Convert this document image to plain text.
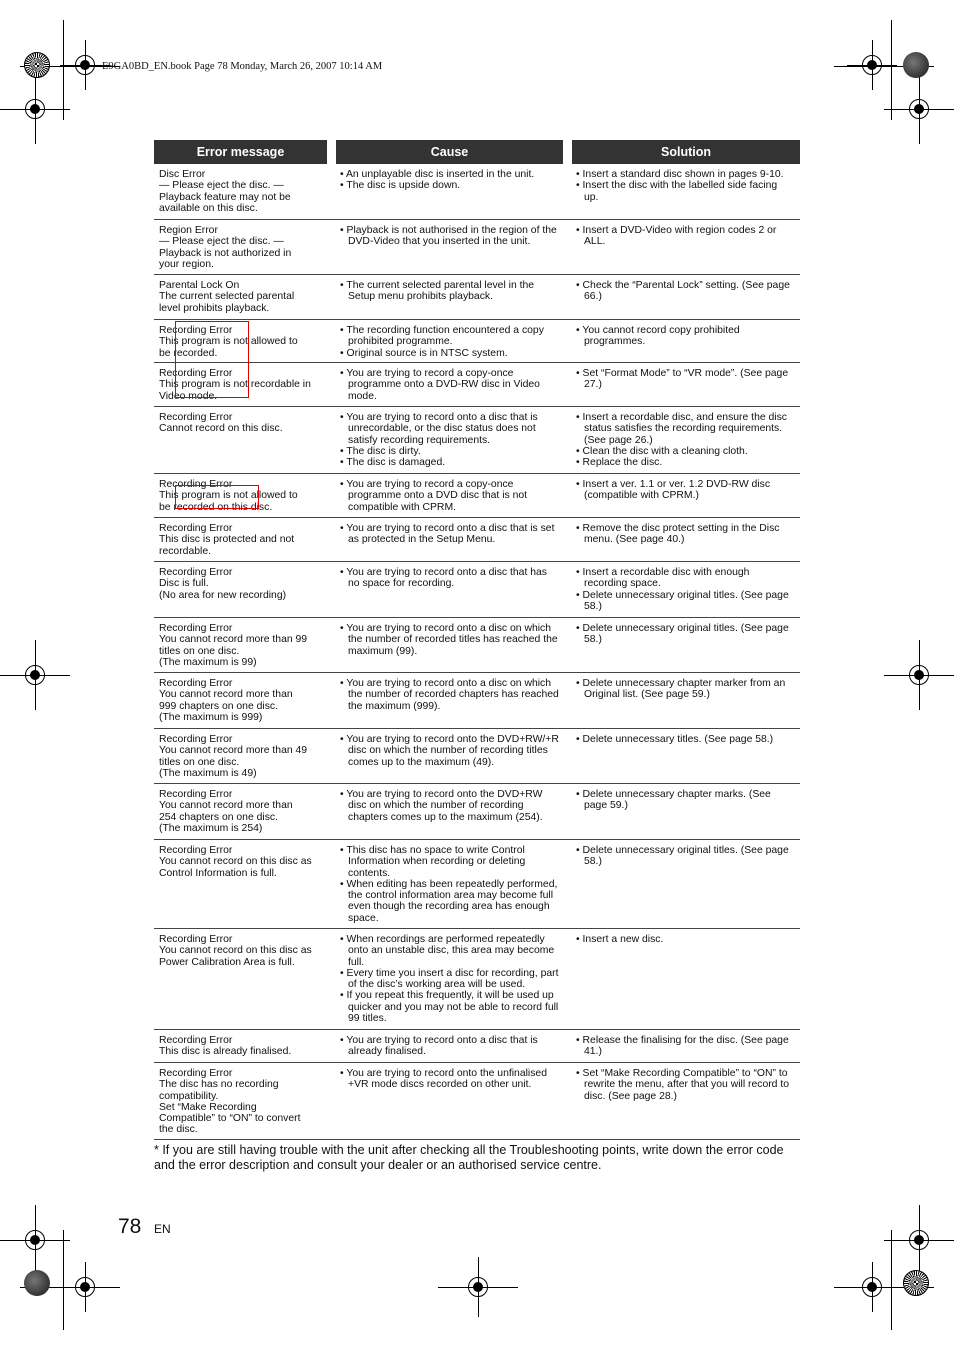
E9GA0BD_EN.book Page 78 Monday, March 26, 2007 10:14 AM
Error message	Cause	Solution
Disc Error
— Please eject the disc. —
Playback feature may not be
available on this disc.
• An unplayable disc is inserted in the unit.
• The disc is upside down.
• Insert a standard disc shown in pages 9-10.
• Insert the disc with the labelled side facing up.
Region Error
— Please eject the disc. —
Playback is not authorized in
your region.
• Playback is not authorised in the region of the DVD-Video that you inserted in the unit.
• Insert a DVD-Video with region codes 2 or ALL.
Parental Lock On
The current selected parental
level prohibits playback.
• The current selected parental level in the Setup menu prohibits playback.
• Check the “Parental Lock” setting. (See page 66.)
Recording Error
This program is not allowed to
be recorded.
• The recording function encountered a copy prohibited programme.
• Original source is in NTSC system.
• You cannot record copy prohibited programmes.
Recording Error
This program is not recordable in
Video mode.
• You are trying to record a copy-once programme onto a DVD-RW disc in Video mode.
• Set “Format Mode” to “VR mode”. (See page 27.)
Recording Error
Cannot record on this disc.
• You are trying to record onto a disc that is unrecordable, or the disc status does not satisfy recording requirements.
• The disc is dirty.
• The disc is damaged.
• Insert a recordable disc, and ensure the disc status satisfies the recording requirements. (See page 26.)
• Clean the disc with a cleaning cloth.
• Replace the disc.
Recording Error
This program is not allowed to
be recorded on this disc.
• You are trying to record a copy-once programme onto a DVD disc that is not compatible with CPRM.
• Insert a ver. 1.1 or ver. 1.2 DVD-RW disc (compatible with CPRM.)
Recording Error
This disc is protected and not
recordable.
• You are trying to record onto a disc that is set as protected in the Setup Menu.
• Remove the disc protect setting in the Disc menu. (See page 40.)
Recording Error
Disc is full.
(No area for new recording)
• You are trying to record onto a disc that has no space for recording.
• Insert a recordable disc with enough recording space.
• Delete unnecessary original titles. (See page 58.)
Recording Error
You cannot record more than 99
titles on one disc.
(The maximum is 99)
• You are trying to record onto a disc on which the number of recorded titles has reached the maximum (99).
• Delete unnecessary original titles. (See page 58.)
Recording Error
You cannot record more than
999 chapters on one disc.
(The maximum is 999)
• You are trying to record onto a disc on which the number of recorded chapters has reached the maximum (999).
• Delete unnecessary chapter marker from an Original list. (See page 59.)
Recording Error
You cannot record more than 49
titles on one disc.
(The maximum is 49)
• You are trying to record onto the DVD+RW/+R disc on which the number of recording titles comes up to the maximum (49).
• Delete unnecessary titles. (See page 58.)
Recording Error
You cannot record more than
254 chapters on one disc.
(The maximum is 254)
• You are trying to record onto the DVD+RW disc on which the number of recording chapters comes up to the maximum (254).
• Delete unnecessary chapter marks. (See page 59.)
Recording Error
You cannot record on this disc as
Control Information is full.
• This disc has no space to write Control Information when recording or deleting contents.
• When editing has been repeatedly performed, the control information area may become full even though the recording area has enough space.
• Delete unnecessary original titles. (See page 58.)
Recording Error
You cannot record on this disc as
Power Calibration Area is full.
• When recordings are performed repeatedly onto an unstable disc, this area may become full.
• Every time you insert a disc for recording, part of the disc’s working area will be used.
• If you repeat this frequently, it will be used up quicker and you may not be able to record full 99 titles.
• Insert a new disc.
Recording Error
This disc is already finalised.
• You are trying to record onto a disc that is already finalised.
• Release the finalising for the disc. (See page 41.)
Recording Error
The disc has no recording
compatibility.
Set “Make Recording
Compatible” to “ON” to convert
the disc.
• You are trying to record onto the unfinalised +VR mode discs recorded on other unit.
• Set “Make Recording Compatible” to “ON” to rewrite the menu, after that you will record to disc. (See page 28.)
* If you are still having trouble with the unit after checking all the Troubleshooting points, write down the error code
and the error description and consult your dealer or an authorised service centre.
78 EN
